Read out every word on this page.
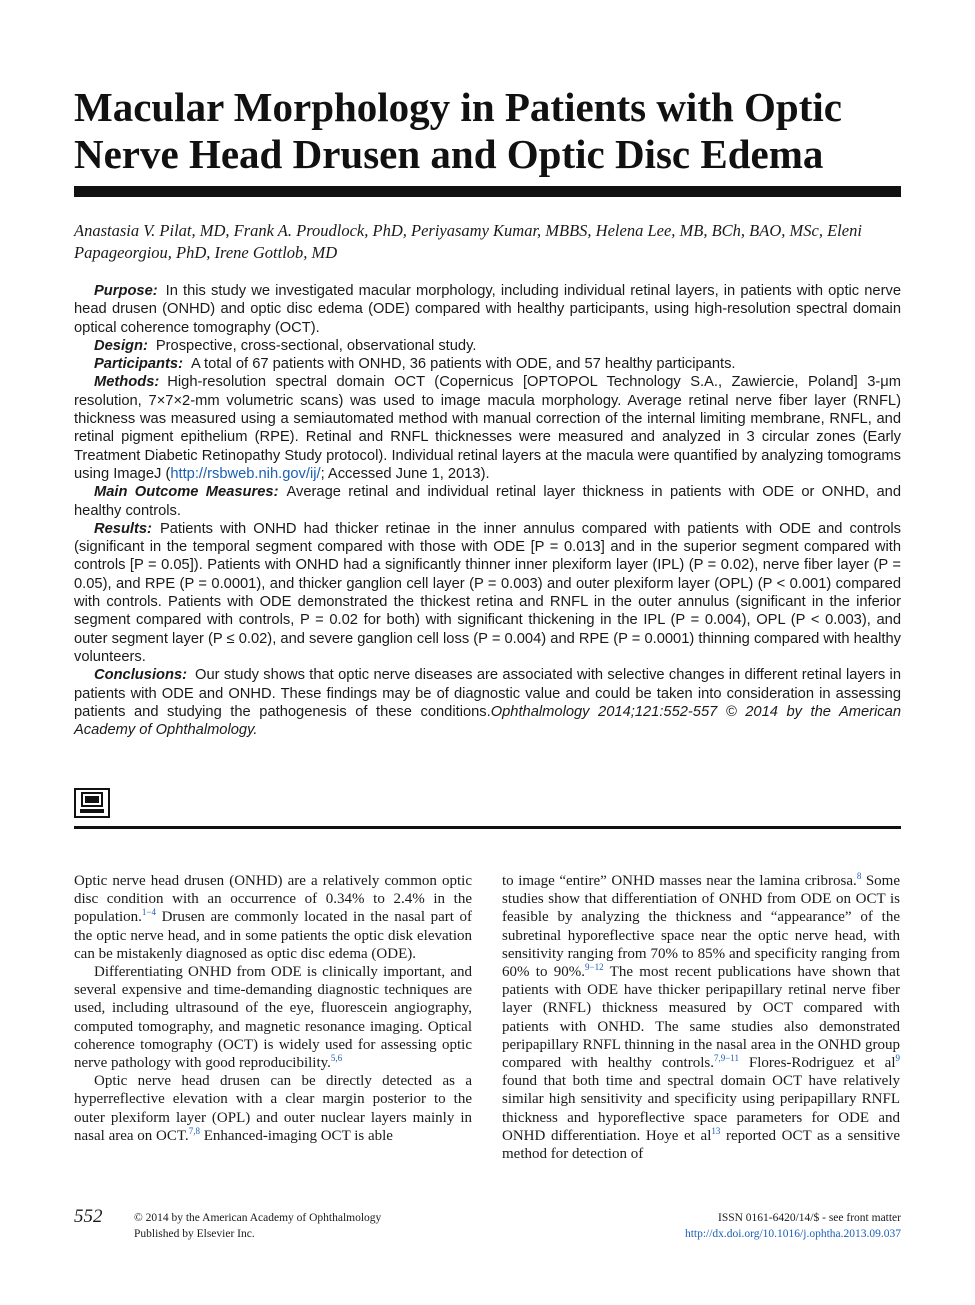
Macular Morphology in Patients with Optic Nerve Head Drusen and Optic Disc Edema

Anastasia V. Pilat, MD, Frank A. Proudlock, PhD, Periyasamy Kumar, MBBS, Helena Lee, MB, BCh, BAO, MSc, Eleni Papageorgiou, PhD, Irene Gottlob, MD

Purpose: In this study we investigated macular morphology, including individual retinal layers, in patients with optic nerve head drusen (ONHD) and optic disc edema (ODE) compared with healthy participants, using high-resolution spectral domain optical coherence tomography (OCT).

Design: Prospective, cross-sectional, observational study.

Participants: A total of 67 patients with ONHD, 36 patients with ODE, and 57 healthy participants.

Methods: High-resolution spectral domain OCT (Copernicus [OPTOPOL Technology S.A., Zawiercie, Poland] 3-μm resolution, 7×7×2-mm volumetric scans) was used to image macula morphology. Average retinal nerve fiber layer (RNFL) thickness was measured using a semiautomated method with manual correction of the internal limiting membrane, RNFL, and retinal pigment epithelium (RPE). Retinal and RNFL thicknesses were measured and analyzed in 3 circular zones (Early Treatment Diabetic Retinopathy Study protocol). Individual retinal layers at the macula were quantified by analyzing tomograms using ImageJ (http://rsbweb.nih.gov/ij/; Accessed June 1, 2013).

Main Outcome Measures: Average retinal and individual retinal layer thickness in patients with ODE or ONHD, and healthy controls.

Results: Patients with ONHD had thicker retinae in the inner annulus compared with patients with ODE and controls (significant in the temporal segment compared with those with ODE [P = 0.013] and in the superior segment compared with controls [P = 0.05]). Patients with ONHD had a significantly thinner inner plexiform layer (IPL) (P = 0.02), nerve fiber layer (P = 0.05), and RPE (P = 0.0001), and thicker ganglion cell layer (P = 0.003) and outer plexiform layer (OPL) (P < 0.001) compared with controls. Patients with ODE demonstrated the thickest retina and RNFL in the outer annulus (significant in the inferior segment compared with controls, P = 0.02 for both) with significant thickening in the IPL (P = 0.004), OPL (P < 0.003), and outer segment layer (P ≤ 0.02), and severe ganglion cell loss (P = 0.004) and RPE (P = 0.0001) thinning compared with healthy volunteers.

Conclusions: Our study shows that optic nerve diseases are associated with selective changes in different retinal layers in patients with ODE and ONHD. These findings may be of diagnostic value and could be taken into consideration in assessing patients and studying the pathogenesis of these conditions.Ophthalmology 2014;121:552-557 © 2014 by the American Academy of Ophthalmology.

Optic nerve head drusen (ONHD) are a relatively common optic disc condition with an occurrence of 0.34% to 2.4% in the population.$^{1-4}$ Drusen are commonly located in the nasal part of the optic nerve head, and in some patients the optic disk elevation can be mistakenly diagnosed as optic disc edema (ODE).

Differentiating ONHD from ODE is clinically important, and several expensive and time-demanding diagnostic techniques are used, including ultrasound of the eye, fluorescein angiography, computed tomography, and magnetic resonance imaging. Optical coherence tomography (OCT) is widely used for assessing optic nerve pathology with good reproducibility.$^{5,6}$

Optic nerve head drusen can be directly detected as a hyperreflective elevation with a clear margin posterior to the outer plexiform layer (OPL) and outer nuclear layers mainly in nasal area on OCT.$^{7,8}$ Enhanced-imaging OCT is able

to image “entire” ONHD masses near the lamina cribrosa.$^8$ Some studies show that differentiation of ONHD from ODE on OCT is feasible by analyzing the thickness and “appearance” of the subretinal hyporeflective space near the optic nerve head, with sensitivity ranging from 70% to 85% and specificity ranging from 60% to 90%.$^{9-12}$ The most recent publications have shown that patients with ODE have thicker peripapillary retinal nerve fiber layer (RNFL) thickness measured by OCT compared with patients with ONHD. The same studies also demonstrated peripapillary RNFL thinning in the nasal area in the ONHD group compared with healthy controls.$^{7,9-11}$ Flores-Rodriguez et $al^9$ found that both time and spectral domain OCT have relatively similar high sensitivity and specificity using peripapillary RNFL thickness and hyporeflective space parameters for ODE and ONHD differentiation. Hoye et $al^{13}$ reported OCT as a sensitive method for detection of

552	© 2014 by the American Academy of Ophthalmology
Published by Elsevier Inc.
ISSN 0161-6420/14/$ - see front matter
http://dx.doi.org/10.1016/j.ophtha.2013.09.037
